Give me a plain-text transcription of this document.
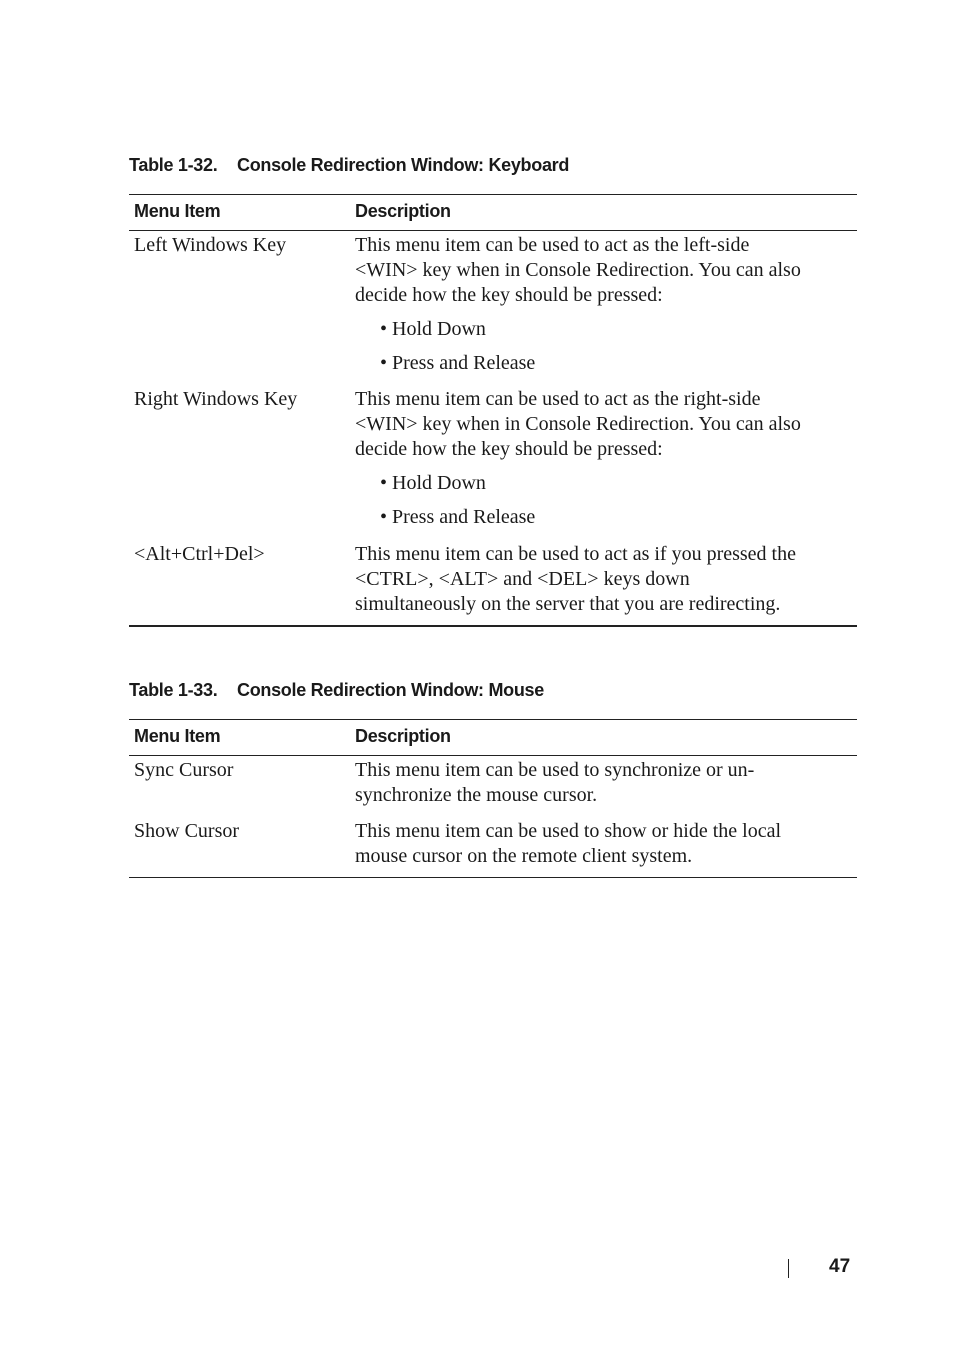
Table 1-32. Console Redirection Window: Keyboard
Menu Item	Description
Left Windows Key	This menu item can be used to act as the left-side
<WIN> key when in Console Redirection. You can also
decide how the key should be pressed:
• Hold Down
• Press and Release
Right Windows Key	This menu item can be used to act as the right-side
<WIN> key when in Console Redirection. You can also
decide how the key should be pressed:
• Hold Down
• Press and Release
<Alt+Ctrl+Del>	This menu item can be used to act as if you pressed the
<CTRL>, <ALT> and <DEL> keys down
simultaneously on the server that you are redirecting.
Table 1-33. Console Redirection Window: Mouse
Menu Item	Description
Sync Cursor	This menu item can be used to synchronize or un-
synchronize the mouse cursor.
Show Cursor	This menu item can be used to show or hide the local
mouse cursor on the remote client system.
47
